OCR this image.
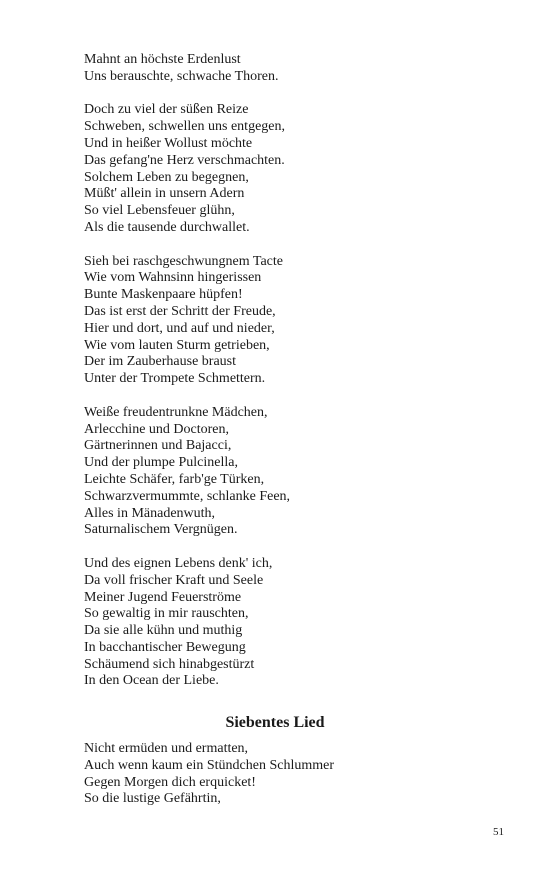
Mahnt an höchste Erdenlust
Uns berauschte, schwache Thoren.
Doch zu viel der süßen Reize
Schweben, schwellen uns entgegen,
Und in heißer Wollust möchte
Das gefang'ne Herz verschmachten.
Solchem Leben zu begegnen,
Müßt' allein in unsern Adern
So viel Lebensfeuer glühn,
Als die tausende durchwallet.
Sieh bei raschgeschwungnem Tacte
Wie vom Wahnsinn hingerissen
Bunte Maskenpaare hüpfen!
Das ist erst der Schritt der Freude,
Hier und dort, und auf und nieder,
Wie vom lauten Sturm getrieben,
Der im Zauberhause braust
Unter der Trompete Schmettern.
Weiße freudentrunkne Mädchen,
Arlecchine und Doctoren,
Gärtnerinnen und Bajacci,
Und der plumpe Pulcinella,
Leichte Schäfer, farb'ge Türken,
Schwarzvermummte, schlanke Feen,
Alles in Mänadenwuth,
Saturnalischem Vergnügen.
Und des eignen Lebens denk' ich,
Da voll frischer Kraft und Seele
Meiner Jugend Feuerströme
So gewaltig in mir rauschten,
Da sie alle kühn und muthig
In bacchantischer Bewegung
Schäumend sich hinabgestürzt
In den Ocean der Liebe.
Siebentes Lied
Nicht ermüden und ermatten,
Auch wenn kaum ein Stündchen Schlummer
Gegen Morgen dich erquicket!
So die lustige Gefährtin,
51
